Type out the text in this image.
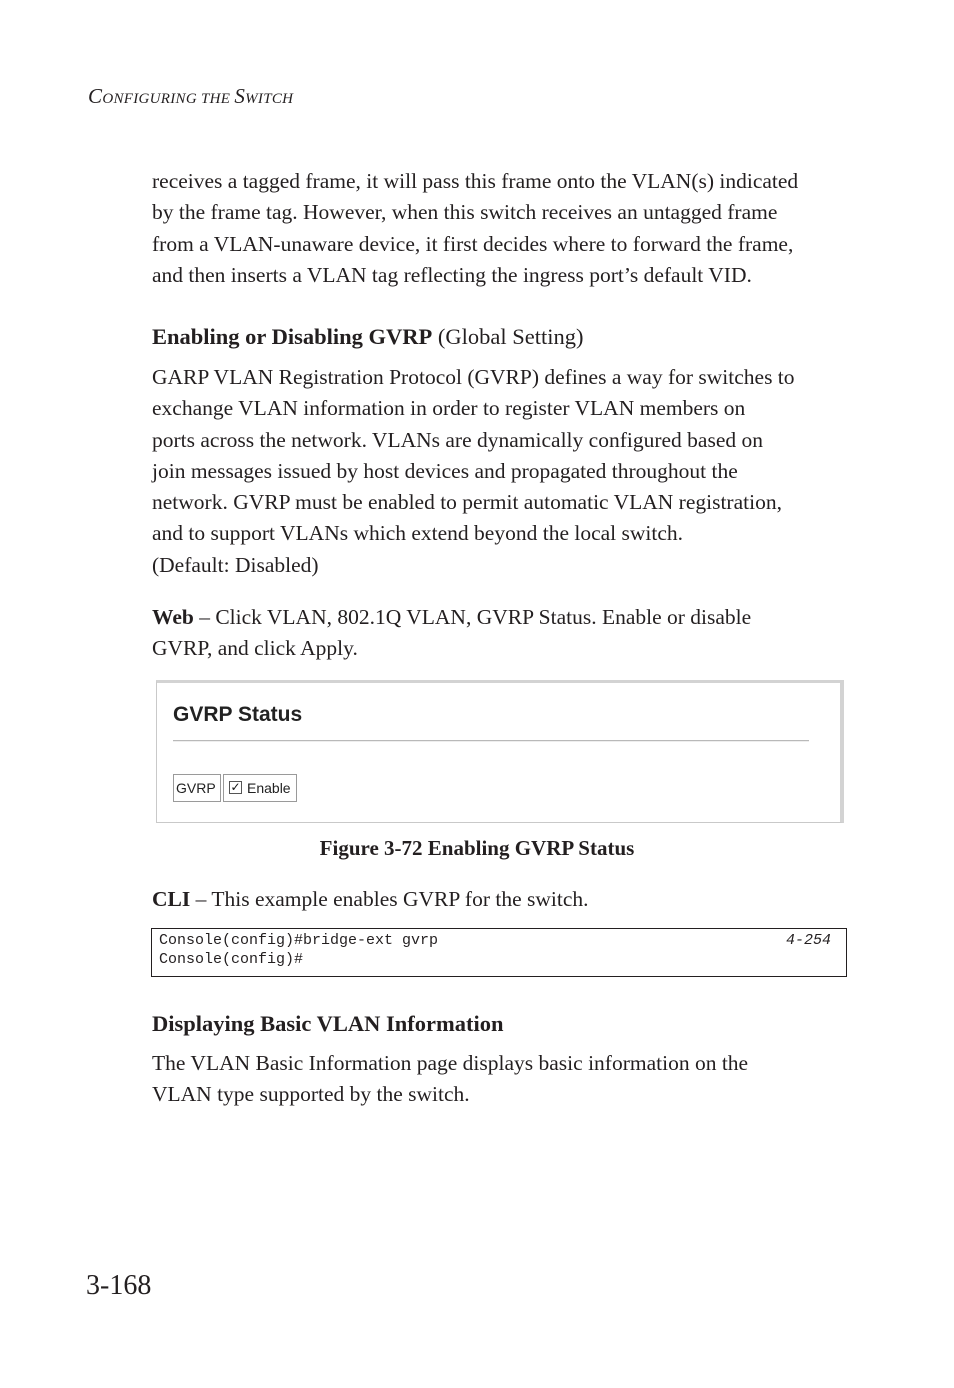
CONFIGURING THE SWITCH
receives a tagged frame, it will pass this frame onto the VLAN(s) indicated
by the frame tag. However, when this switch receives an untagged frame
from a VLAN-unaware device, it first decides where to forward the frame,
and then inserts a VLAN tag reflecting the ingress port’s default VID.
Enabling or Disabling GVRP (Global Setting)
GARP VLAN Registration Protocol (GVRP) defines a way for switches to
exchange VLAN information in order to register VLAN members on
ports across the network. VLANs are dynamically configured based on
join messages issued by host devices and propagated throughout the
network. GVRP must be enabled to permit automatic VLAN registration,
and to support VLANs which extend beyond the local switch.
(Default: Disabled)
Web – Click VLAN, 802.1Q VLAN, GVRP Status. Enable or disable
GVRP, and click Apply.
GVRP Status
GVRP	✓ Enable
Figure 3-72 Enabling GVRP Status
CLI – This example enables GVRP for the switch.
Console(config)#bridge-ext gvrp
Console(config)#
4-254
Displaying Basic VLAN Information
The VLAN Basic Information page displays basic information on the
VLAN type supported by the switch.
3-168
